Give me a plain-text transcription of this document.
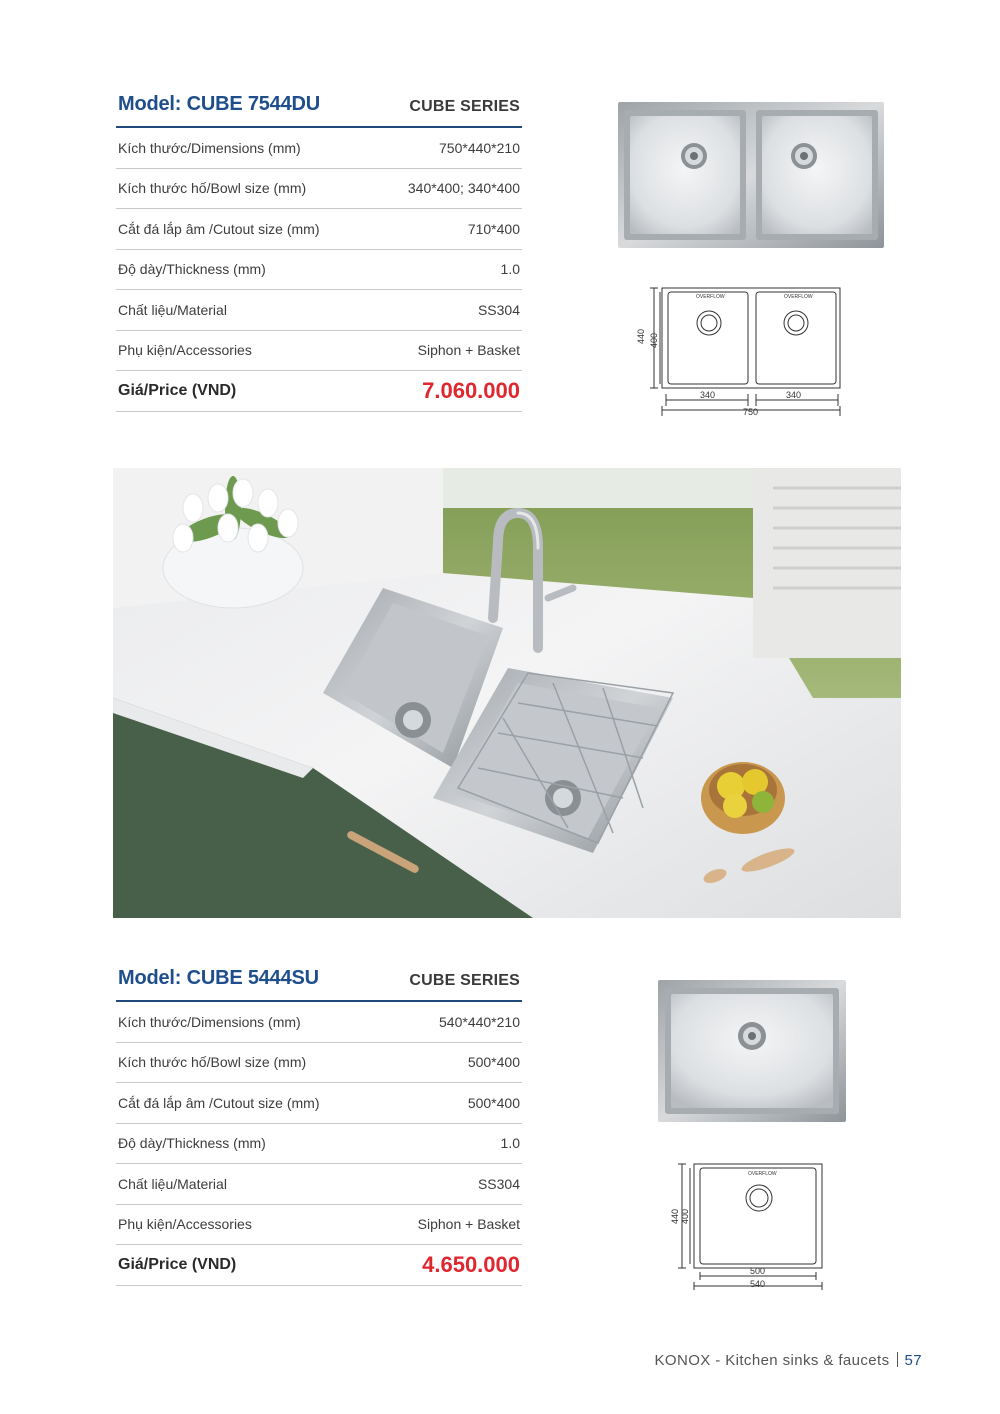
Model: CUBE 7544DU	CUBE SERIES
Kích thước/Dimensions (mm)	750*440*210
Kích thước hố/Bowl size (mm)	340*400; 340*400
Cắt đá lắp âm /Cutout size (mm)	710*400
Độ dày/Thickness (mm)	1.0
Chất liệu/Material	SS304
Phụ kiện/Accessories	Siphon + Basket
Giá/Price (VND)	7.060.000
OVERFLOW	OVERFLOW
440 400
340	340
750
Model: CUBE 5444SU	CUBE SERIES
Kích thước/Dimensions (mm)	540*440*210
Kích thước hố/Bowl size (mm)	500*400
Cắt đá lắp âm /Cutout size (mm)	500*400
Độ dày/Thickness (mm)	1.0
Chất liệu/Material	SS304
Phụ kiện/Accessories	Siphon + Basket
Giá/Price (VND)	4.650.000
OVERFLOW
440 400
500
540
KONOX - Kitchen sinks & faucets 57
